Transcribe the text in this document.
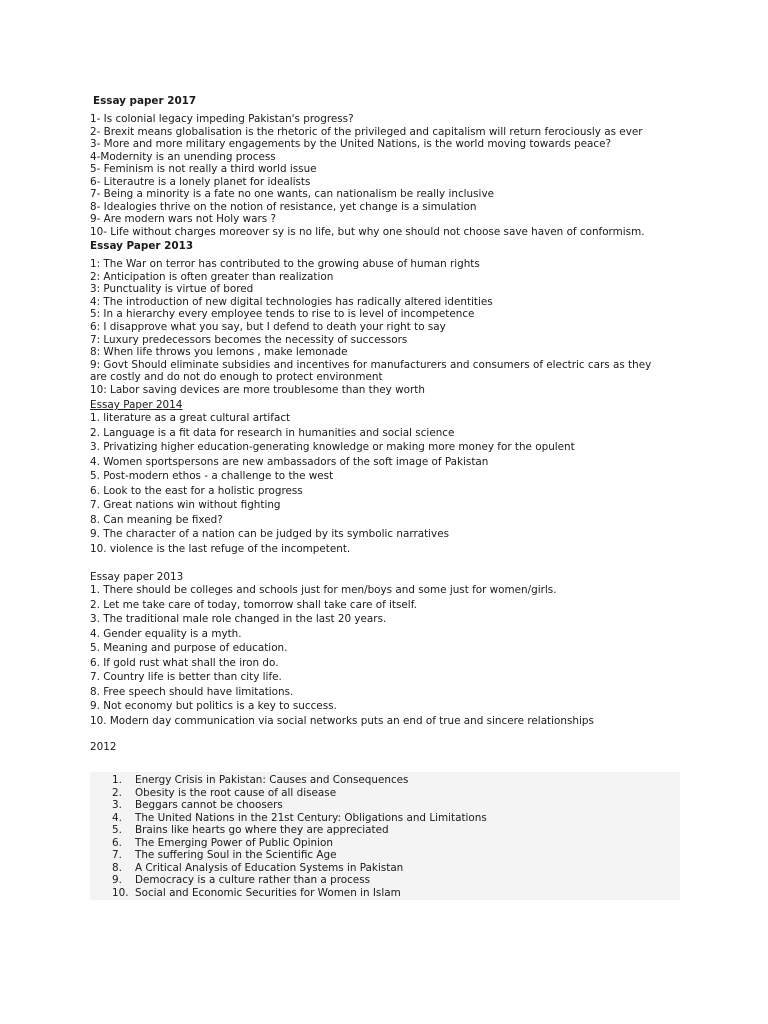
Essay paper 2017
1- Is colonial legacy impeding Pakistan's progress?
2- Brexit means globalisation is the rhetoric of the privileged and capitalism will return ferociously as ever
3- More and more military engagements by the United Nations, is the world moving towards peace?
4-Modernity is an unending process
5- Feminism is not really a third world issue
6- Literautre is a lonely planet for idealists
7- Being a minority is a fate no one wants, can nationalism be really inclusive
8- Idealogies thrive on the notion of resistance, yet change is a simulation
9- Are modern wars not Holy wars ?
10- Life without charges moreover sy is no life, but why one should not choose save haven of conformism.
Essay Paper 2013
1: The War on terror has contributed to the growing abuse of human rights
2: Anticipation is often greater than realization
3: Punctuality is virtue of bored
4: The introduction of new digital technologies has radically altered identities
5: In a hierarchy every employee tends to rise to is level of incompetence
6: I disapprove what you say, but I defend to death your right to say
7: Luxury predecessors becomes the necessity of successors
8: When life throws you lemons , make lemonade
9: Govt Should eliminate subsidies and incentives for manufacturers and consumers of electric cars as they are costly and do not do enough to protect environment
10: Labor saving devices are more troublesome than they worth
Essay Paper 2014
1. literature as a great cultural artifact
2. Language is a fit data for research in humanities and social science
3. Privatizing higher education-generating knowledge or making more money for the opulent
4. Women sportspersons are new ambassadors of the soft image of Pakistan
5. Post-modern ethos - a challenge to the west
6. Look to the east for a holistic progress
7. Great nations win without fighting
8. Can meaning be fixed?
9. The character of a nation can be judged by its symbolic narratives
10. violence is the last refuge of the incompetent.
Essay paper 2013
1. There should be colleges and schools just for men/boys and some just for women/girls.
2. Let me take care of today, tomorrow shall take care of itself.
3. The traditional male role changed in the last 20 years.
4. Gender equality is a myth.
5. Meaning and purpose of education.
6. If gold rust what shall the iron do.
7. Country life is better than city life.
8. Free speech should have limitations.
9. Not economy but politics is a key to success.
10. Modern day communication via social networks puts an end of true and sincere relationships
2012
1.	Energy Crisis in Pakistan: Causes and Consequences
2.	Obesity is the root cause of all disease
3.	Beggars cannot be choosers
4.	The United Nations in the 21st Century: Obligations and Limitations
5.	Brains like hearts go where they are appreciated
6.	The Emerging Power of Public Opinion
7.	The suffering Soul in the Scientific Age
8.	A Critical Analysis of Education Systems in Pakistan
9.	Democracy is a culture rather than a process
10. Social and Economic Securities for Women in Islam
